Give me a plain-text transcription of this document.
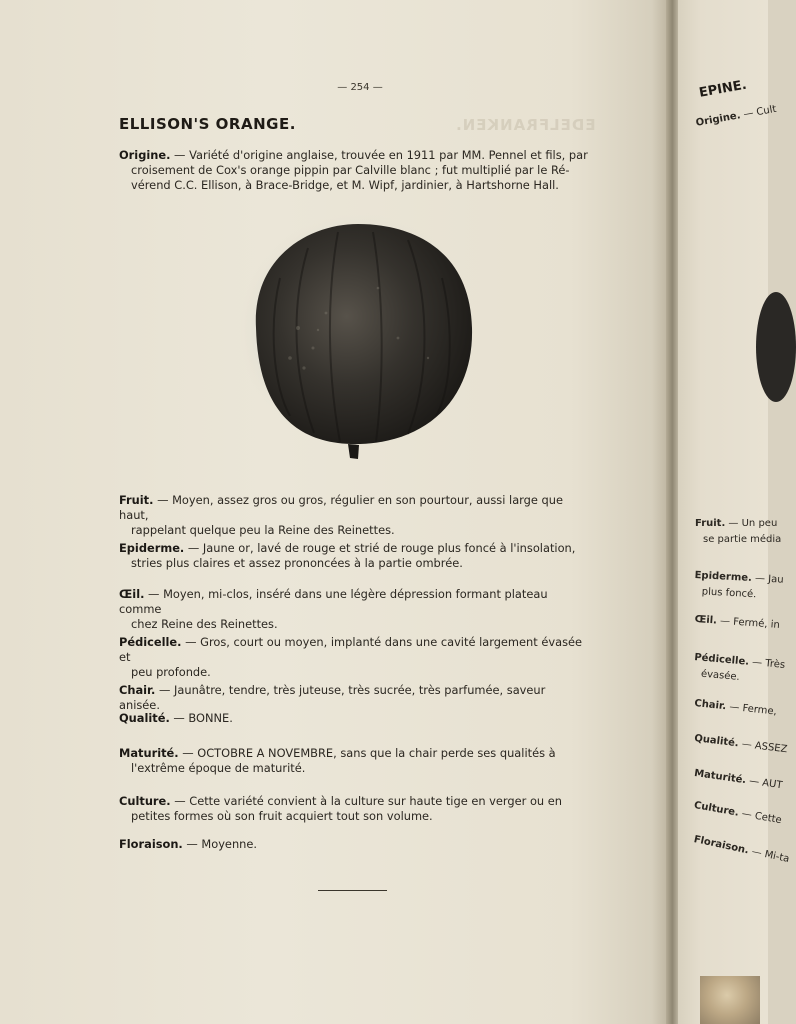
— 254 —
EDELFRANKEN.
ELLISON'S ORANGE.
Origine. — Variété d'origine anglaise, trouvée en 1911 par MM. Pennel et fils, par
croisement de Cox's orange pippin par Calville blanc ; fut multiplié par le Ré-
vérend C.C. Ellison, à Brace-Bridge, et M. Wipf, jardinier, à Hartshorne Hall.
Fruit. — Moyen, assez gros ou gros, régulier en son pourtour, aussi large que haut,
rappelant quelque peu la Reine des Reinettes.
Epiderme. — Jaune or, lavé de rouge et strié de rouge plus foncé à l'insolation,
stries plus claires et assez prononcées à la partie ombrée.
Œil. — Moyen, mi-clos, inséré dans une légère dépression formant plateau comme
chez Reine des Reinettes.
Pédicelle. — Gros, court ou moyen, implanté dans une cavité largement évasée et
peu profonde.
Chair. — Jaunâtre, tendre, très juteuse, très sucrée, très parfumée, saveur anisée.
Qualité. — BONNE.
Maturité. — OCTOBRE A NOVEMBRE, sans que la chair perde ses qualités à
l'extrême époque de maturité.
Culture. — Cette variété convient à la culture sur haute tige en verger ou en
petites formes où son fruit acquiert tout son volume.
Floraison. — Moyenne.
EPINE.
Origine. — Cult
Fruit. — Un peu
se partie média
Epiderme. — Jau
plus foncé.
Œil. — Fermé, in
Pédicelle. — Très
évasée.
Chair. — Ferme,
Qualité. — ASSEZ
Maturité. — AUT
Culture. — Cette
Floraison. — Mi-ta
